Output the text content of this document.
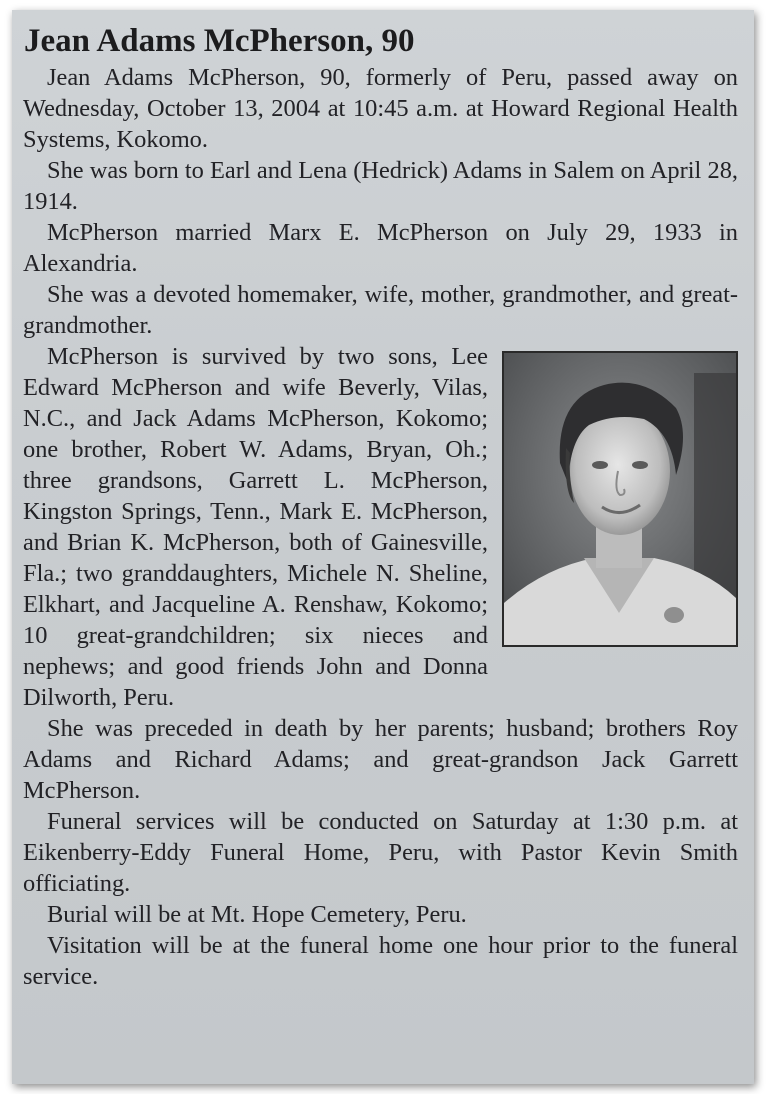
Jean Adams McPherson, 90

Jean Adams McPherson, 90, formerly of Peru, passed away on Wednesday, October 13, 2004 at 10:45 a.m. at Howard Regional Health Systems, Kokomo.

She was born to Earl and Lena (Hedrick) Adams in Salem on April 28, 1914.

McPherson married Marx E. McPherson on July 29, 1933 in Alexandria.

She was a devoted homemaker, wife, mother, grandmother, and great-grandmother.

McPherson is survived by two sons, Lee Edward McPherson and wife Beverly, Vilas, N.C., and Jack Adams McPherson, Kokomo; one brother, Robert W. Adams, Bryan, Oh.; three grandsons, Garrett L. McPherson, Kingston Springs, Tenn., Mark E. McPherson, and Brian K. McPherson, both of Gainesville, Fla.; two granddaughters, Michele N. Sheline, Elkhart, and Jacqueline A. Renshaw, Kokomo; 10 great-grandchildren; six nieces and nephews; and good friends John and Donna Dilworth, Peru.

She was preceded in death by her parents; husband; brothers Roy Adams and Richard Adams; and great-grandson Jack Garrett McPherson.

Funeral services will be conducted on Saturday at 1:30 p.m. at Eikenberry-Eddy Funeral Home, Peru, with Pastor Kevin Smith officiating.

Burial will be at Mt. Hope Cemetery, Peru.

Visitation will be at the funeral home one hour prior to the funeral service.
